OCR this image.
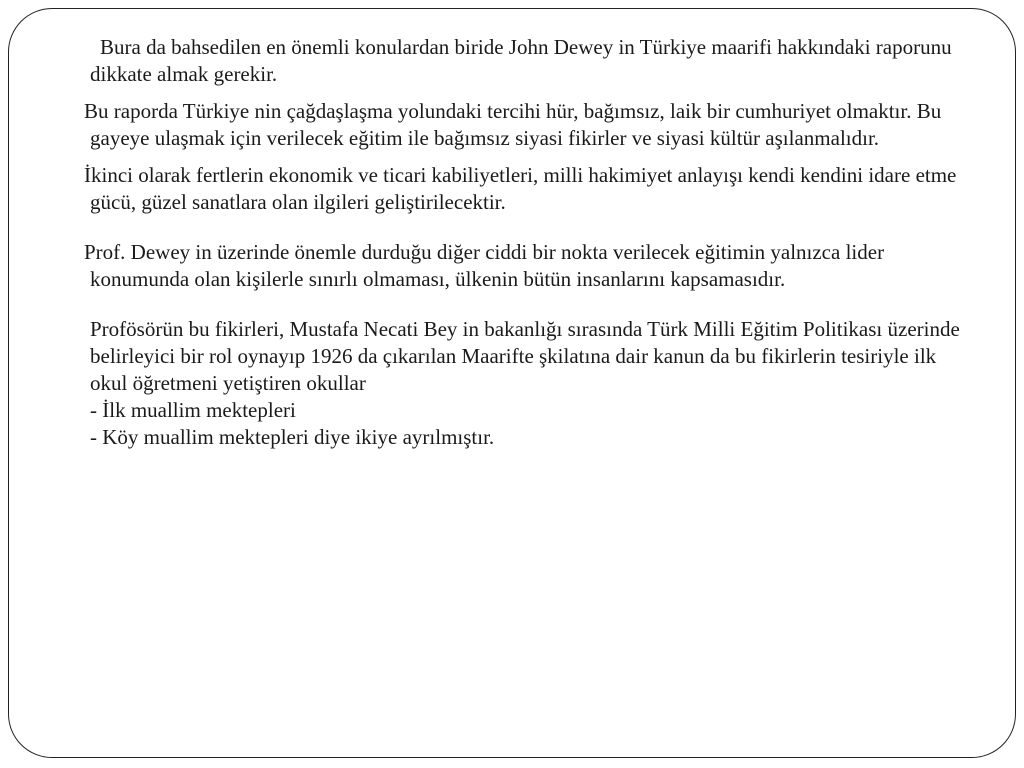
Bura da bahsedilen en önemli konulardan biride John Dewey in Türkiye maarifi hakkındaki raporunu dikkate almak gerekir.

Bu raporda Türkiye nin çağdaşlaşma yolundaki tercihi hür, bağımsız, laik bir cumhuriyet olmaktır. Bu gayeye ulaşmak için verilecek eğitim ile bağımsız siyasi fikirler ve siyasi kültür aşılanmalıdır.

İkinci olarak fertlerin ekonomik ve ticari kabiliyetleri, milli hakimiyet anlayışı kendi kendini idare etme gücü, güzel sanatlara olan ilgileri geliştirilecektir.

Prof. Dewey in üzerinde önemle durduğu diğer ciddi bir nokta verilecek eğitimin yalnızca lider konumunda olan kişilerle sınırlı olmaması, ülkenin bütün insanlarını kapsamasıdır.

Profösörün bu fikirleri, Mustafa Necati Bey in bakanlığı sırasında Türk Milli Eğitim Politikası üzerinde belirleyici bir rol oynayıp 1926 da çıkarılan Maarifte şkilatına dair kanun da bu fikirlerin tesiriyle ilk okul öğretmeni yetiştiren okullar
- İlk muallim mektepleri
- Köy muallim mektepleri diye ikiye ayrılmıştır.
